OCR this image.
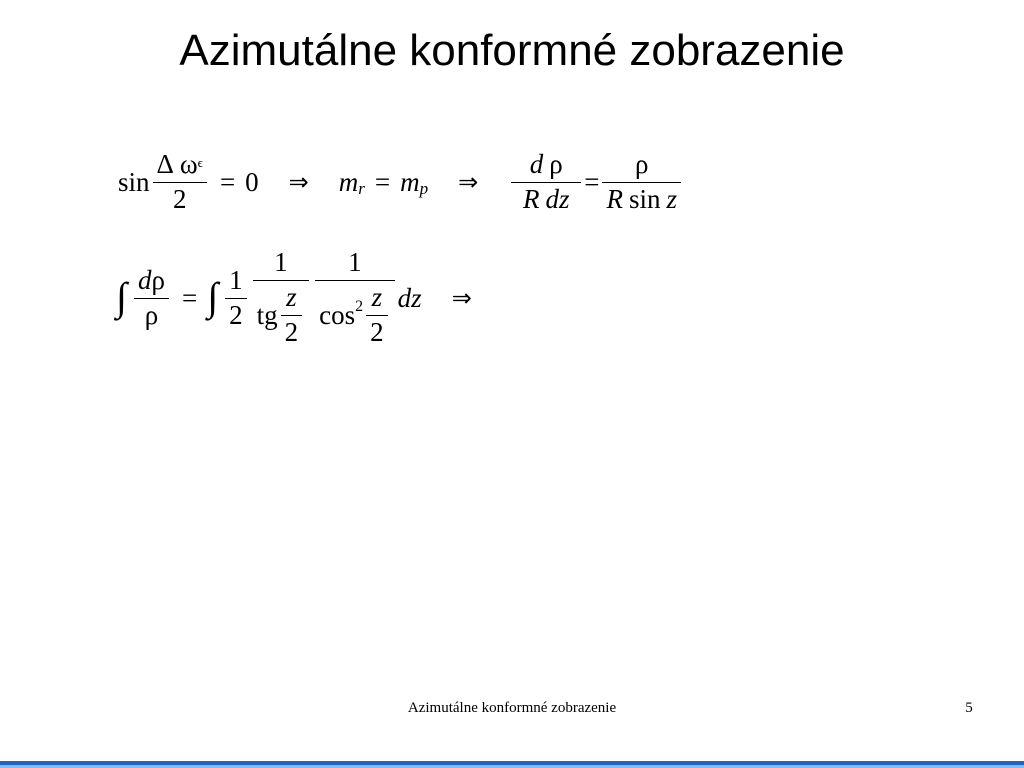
Azimutálne konformné zobrazenie
$\sin \frac{\text{Δ ω ϵ}}{2} = 0$ ⇒ m r = m p ⇒ $\frac{\text{d ρ}}{\text{R dz}} = \frac{\rho}{\text{R sin z}}$
∫ $\frac{\text{d ρ}}{\rho}$ = ∫ $\frac{1}{2} \frac{1}{tg \frac{z}{2}} \frac{1}{\cos 2 \frac{z}{2}}$ dz ⇒
Azimutálne konformné zobrazenie	5
